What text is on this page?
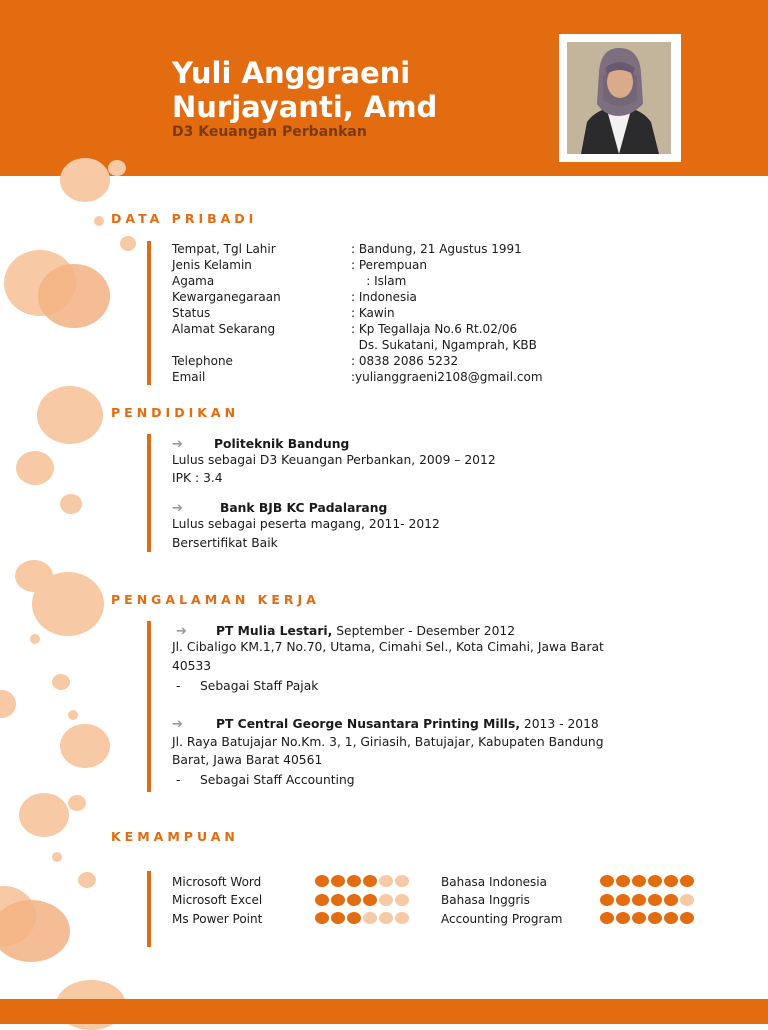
Yuli Anggraeni
Nurjayanti, Amd
D3 Keuangan Perbankan
DATA PRIBADI
Tempat, Tgl Lahir	: Bandung, 21 Agustus 1991
Jenis Kelamin	: Perempuan
Agama	: Islam
Kewarganegaraan	: Indonesia
Status	: Kawin
Alamat Sekarang	: Kp Tegallaja No.6 Rt.02/06
Ds. Sukatani, Ngamprah, KBB
Telephone	: 0838 2086 5232
Email	:yulianggraeni2108@gmail.com
PENDIDIKAN
➔	Politeknik Bandung
Lulus sebagai D3 Keuangan Perbankan, 2009 – 2012
IPK : 3.4
➔	Bank BJB KC Padalarang
Lulus sebagai peserta magang, 2011- 2012
Bersertifikat Baik
PENGALAMAN KERJA
➔ PT Mulia Lestari, September - Desember 2012
Jl. Cibaligo KM.1,7 No.70, Utama, Cimahi Sel., Kota Cimahi, Jawa Barat
40533
-     Sebagai Staff Pajak
➔	PT Central George Nusantara Printing Mills, 2013 - 2018
Jl. Raya Batujajar No.Km. 3, 1, Giriasih, Batujajar, Kabupaten Bandung
Barat, Jawa Barat 40561
-     Sebagai Staff Accounting
KEMAMPUAN
Microsoft Word
Microsoft Excel
Ms Power Point
Bahasa Indonesia
Bahasa Inggris
Accounting Program
